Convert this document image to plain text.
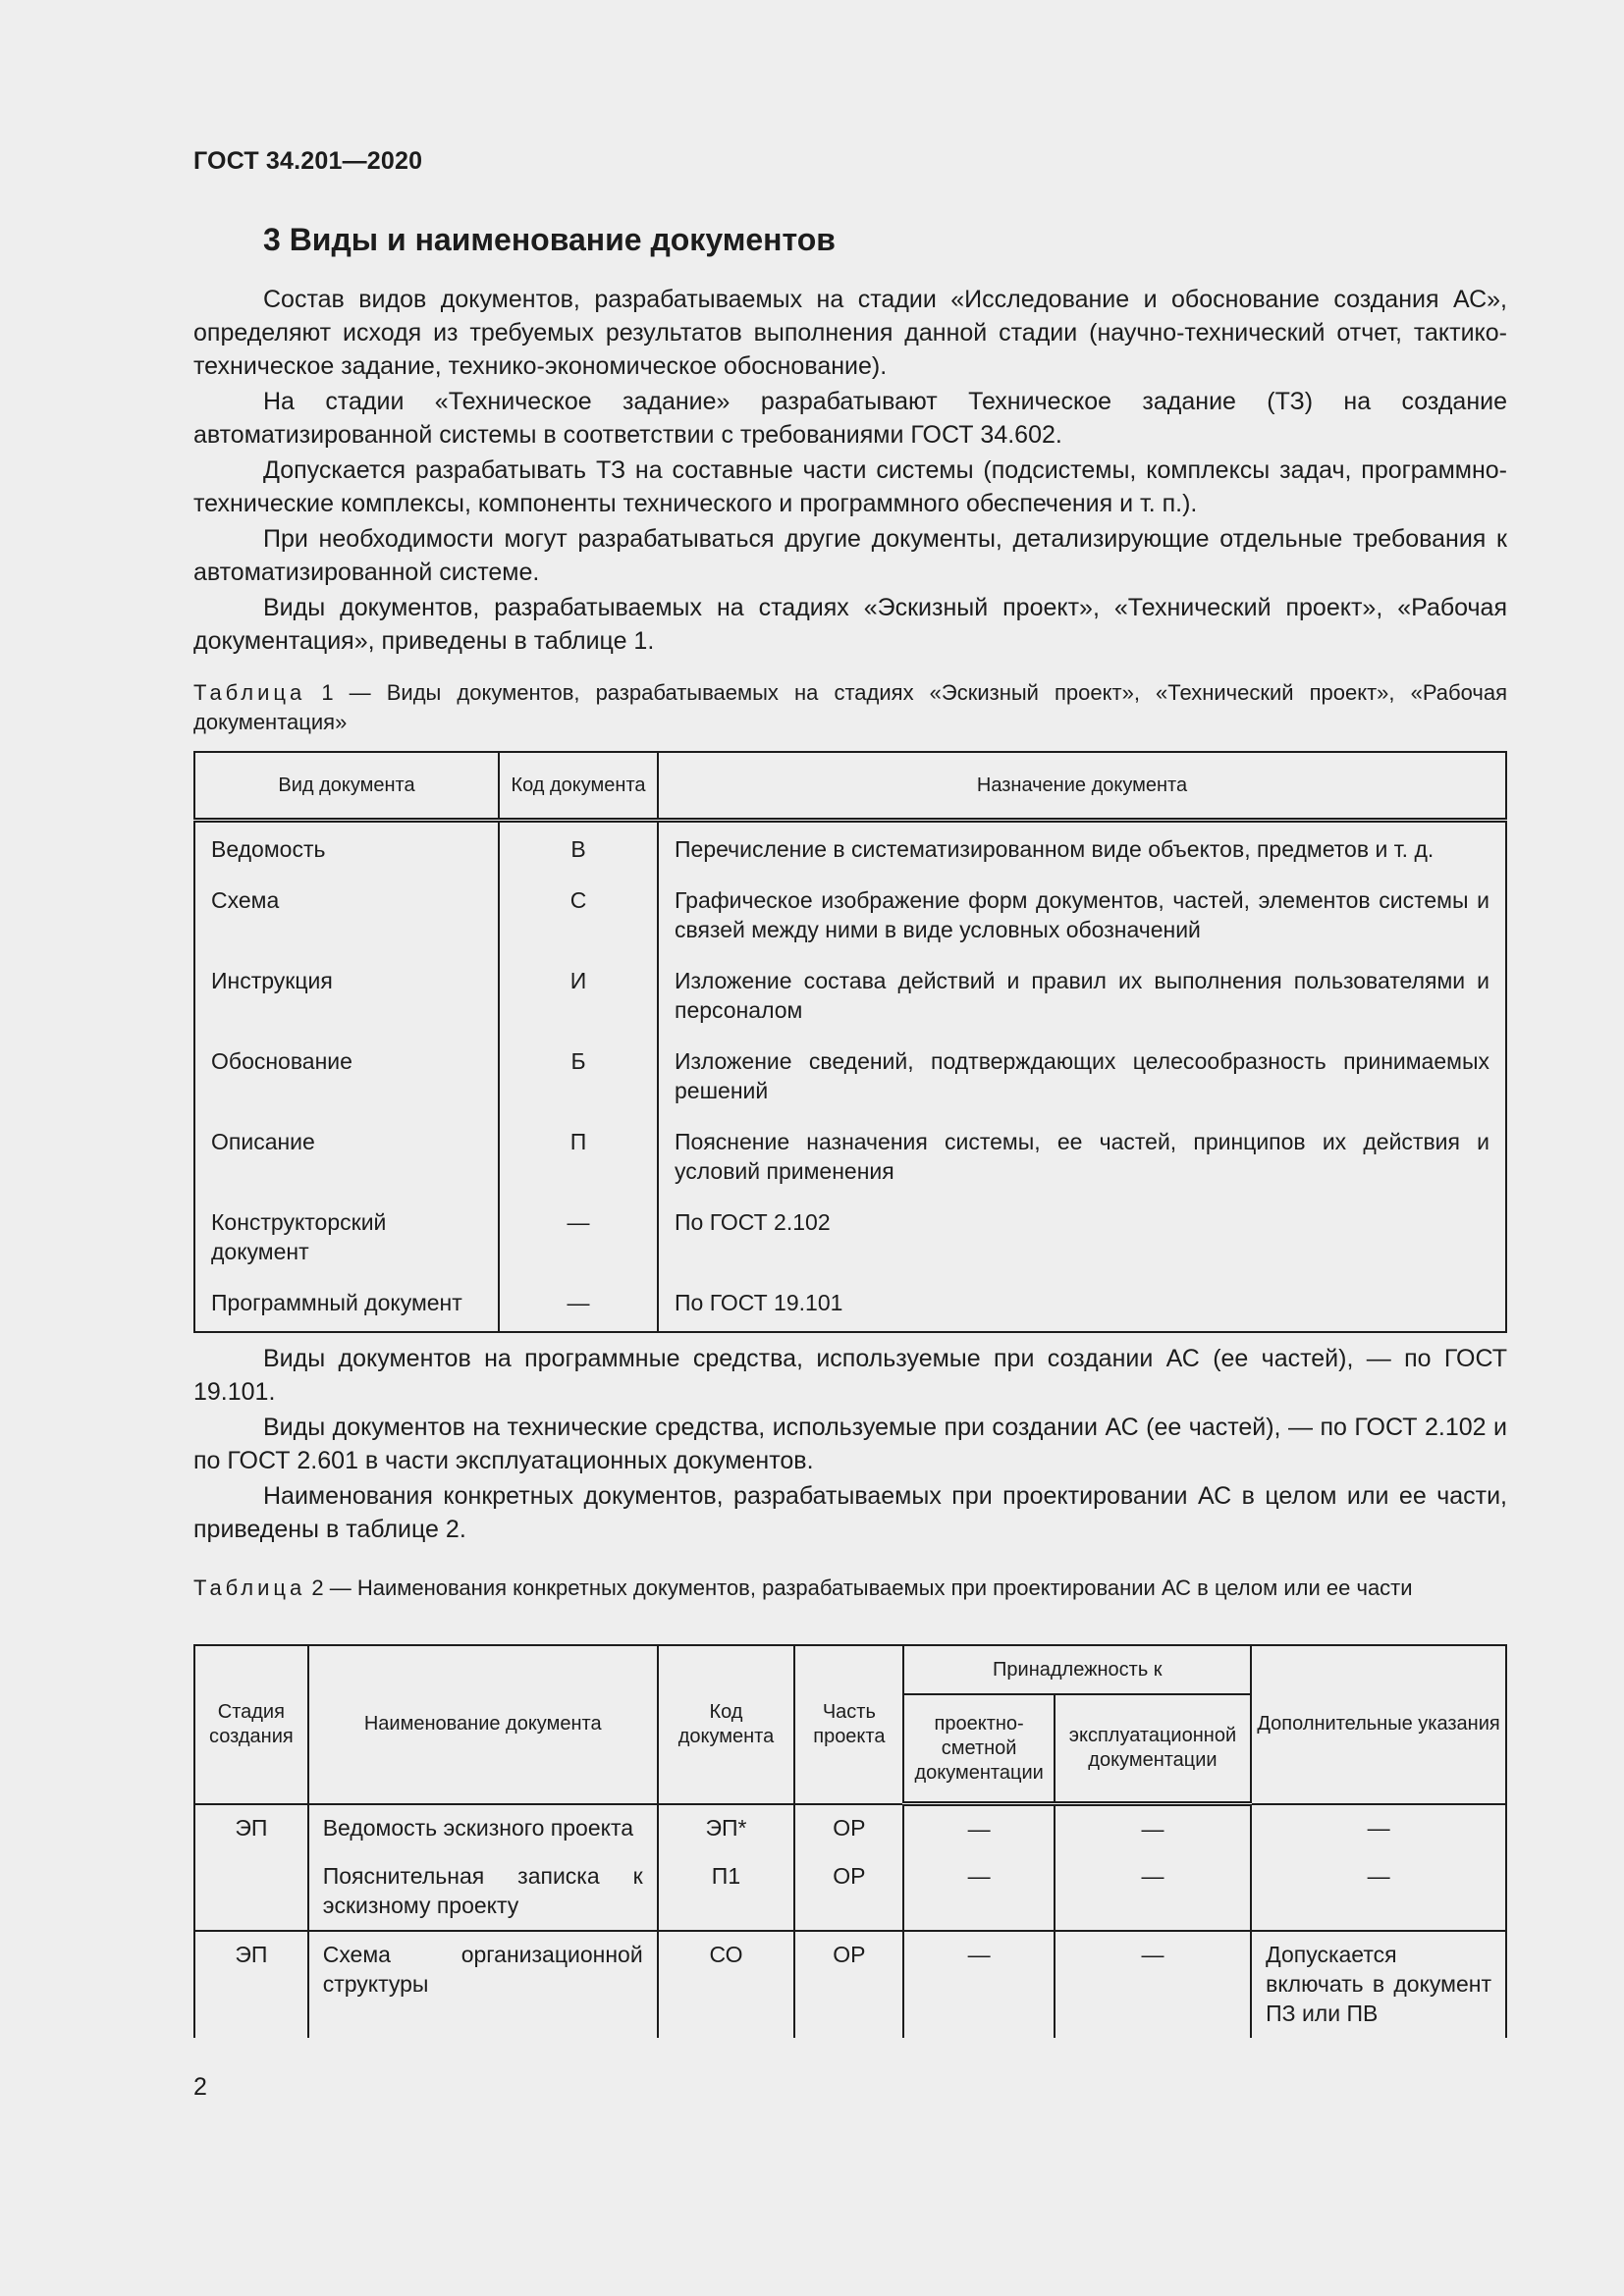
ГОСТ 34.201—2020
3 Виды и наименование документов

Состав видов документов, разрабатываемых на стадии «Исследование и обоснование создания АС», определяют исходя из требуемых результатов выполнения данной стадии (научно-технический отчет, тактико-техническое задание, технико-экономическое обоснование).

На стадии «Техническое задание» разрабатывают Техническое задание (ТЗ) на создание автоматизированной системы в соответствии с требованиями ГОСТ 34.602.

Допускается разрабатывать ТЗ на составные части системы (подсистемы, комплексы задач, программно-технические комплексы, компоненты технического и программного обеспечения и т. п.).

При необходимости могут разрабатываться другие документы, детализирующие отдельные требования к автоматизированной системе.

Виды документов, разрабатываемых на стадиях «Эскизный проект», «Технический проект», «Рабочая документация», приведены в таблице 1.

Таблица 1 — Виды документов, разрабатываемых на стадиях «Эскизный проект», «Технический проект», «Рабочая документация»
Вид документа	Код документа	Назначение документа
Ведомость	В	Перечисление в систематизированном виде объектов, предметов и т. д.
Схема	С	Графическое изображение форм документов, частей, элементов системы и связей между ними в виде условных обозначений
Инструкция	И	Изложение состава действий и правил их выполнения пользователями и персоналом
Обоснование	Б	Изложение сведений, подтверждающих целесообразность принимаемых решений
Описание	П	Пояснение назначения системы, ее частей, принципов их действия и условий применения
Конструкторский документ	—	По ГОСТ 2.102
Программный документ	—	По ГОСТ 19.101

Виды документов на программные средства, используемые при создании АС (ее частей), — по ГОСТ 19.101.

Виды документов на технические средства, используемые при создании АС (ее частей), — по ГОСТ 2.102 и по ГОСТ 2.601 в части эксплуатационных документов.

Наименования конкретных документов, разрабатываемых при проектировании АС в целом или ее части, приведены в таблице 2.

Таблица 2 — Наименования конкретных документов, разрабатываемых при проектировании АС в целом или ее части
Стадия создания	Наименование документа	Код документа	Часть проекта	Принадлежность к		Дополнительные указания
				проектно-сметной документации	эксплуатационной документации	
ЭП	Ведомость эскизного проекта	ЭП*	ОР	—	—	—
	Пояснительная записка к эскизному проекту	П1	ОР	—	—	—
ЭП	Схема организационной структуры	СО	ОР	—	—	Допускается включать в документ ПЗ или ПВ
2
